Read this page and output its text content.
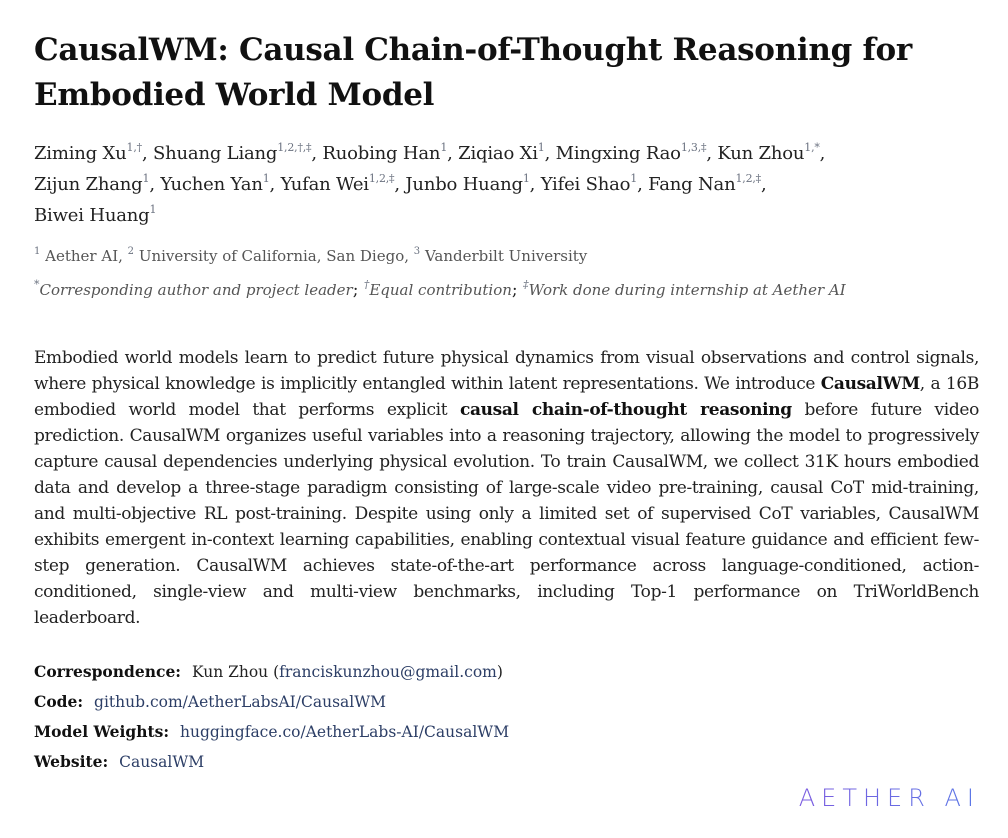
CausalWM: Causal Chain-of-Thought Reasoning for Embodied World Model
Ziming $Xu^{1,\dagger}$, Shuang Liang$^{1,2,\dagger,\ddagger}$, Ruobing Han$^1$, Ziqiao Xi$^1$, Mingxing Rao$^{1,3,\ddagger}$, Kun Zhou$^{1,*}$,
Zijun Zhang$^1$, Yuchen Yan$^1$, Yufan Wei$^{1,2,\ddagger}$, Junbo Huang$^1$, Yifei Shao$^1$, Fang Nan$^{1,2,\ddagger}$,
Biwei Huang$^1$
$^1$ Aether AI, $^2$ University of California, San Diego, $^3$ Vanderbilt University
*Corresponding author and project leader; †Equal contribution; ‡Work done during internship at Aether AI
Embodied world models learn to predict future physical dynamics from visual observations and control signals, where physical knowledge is implicitly entangled within latent representations. We introduce CausalWM, a 16B embodied world model that performs explicit causal chain-of-thought reasoning before future video prediction. CausalWM organizes useful variables into a reasoning trajectory, allowing the model to progressively capture causal dependencies underlying physical evolution. To train CausalWM, we collect 31K hours embodied data and develop a three-stage paradigm consisting of large-scale video pre-training, causal CoT mid-training, and multi-objective RL post-training. Despite using only a limited set of supervised CoT variables, CausalWM exhibits emergent in-context learning capabilities, enabling contextual visual feature guidance and efficient few-step generation. CausalWM achieves state-of-the-art performance across language-conditioned, action-conditioned, single-view and multi-view benchmarks, including Top-1 performance on TriWorldBench leaderboard.
Correspondence: Kun Zhou (franciskunzhou@gmail.com)
Code: github.com/AetherLabsAI/CausalWM
Model Weights: huggingface.co/AetherLabs-AI/CausalWM
Website: CausalWM
AETHER AI
